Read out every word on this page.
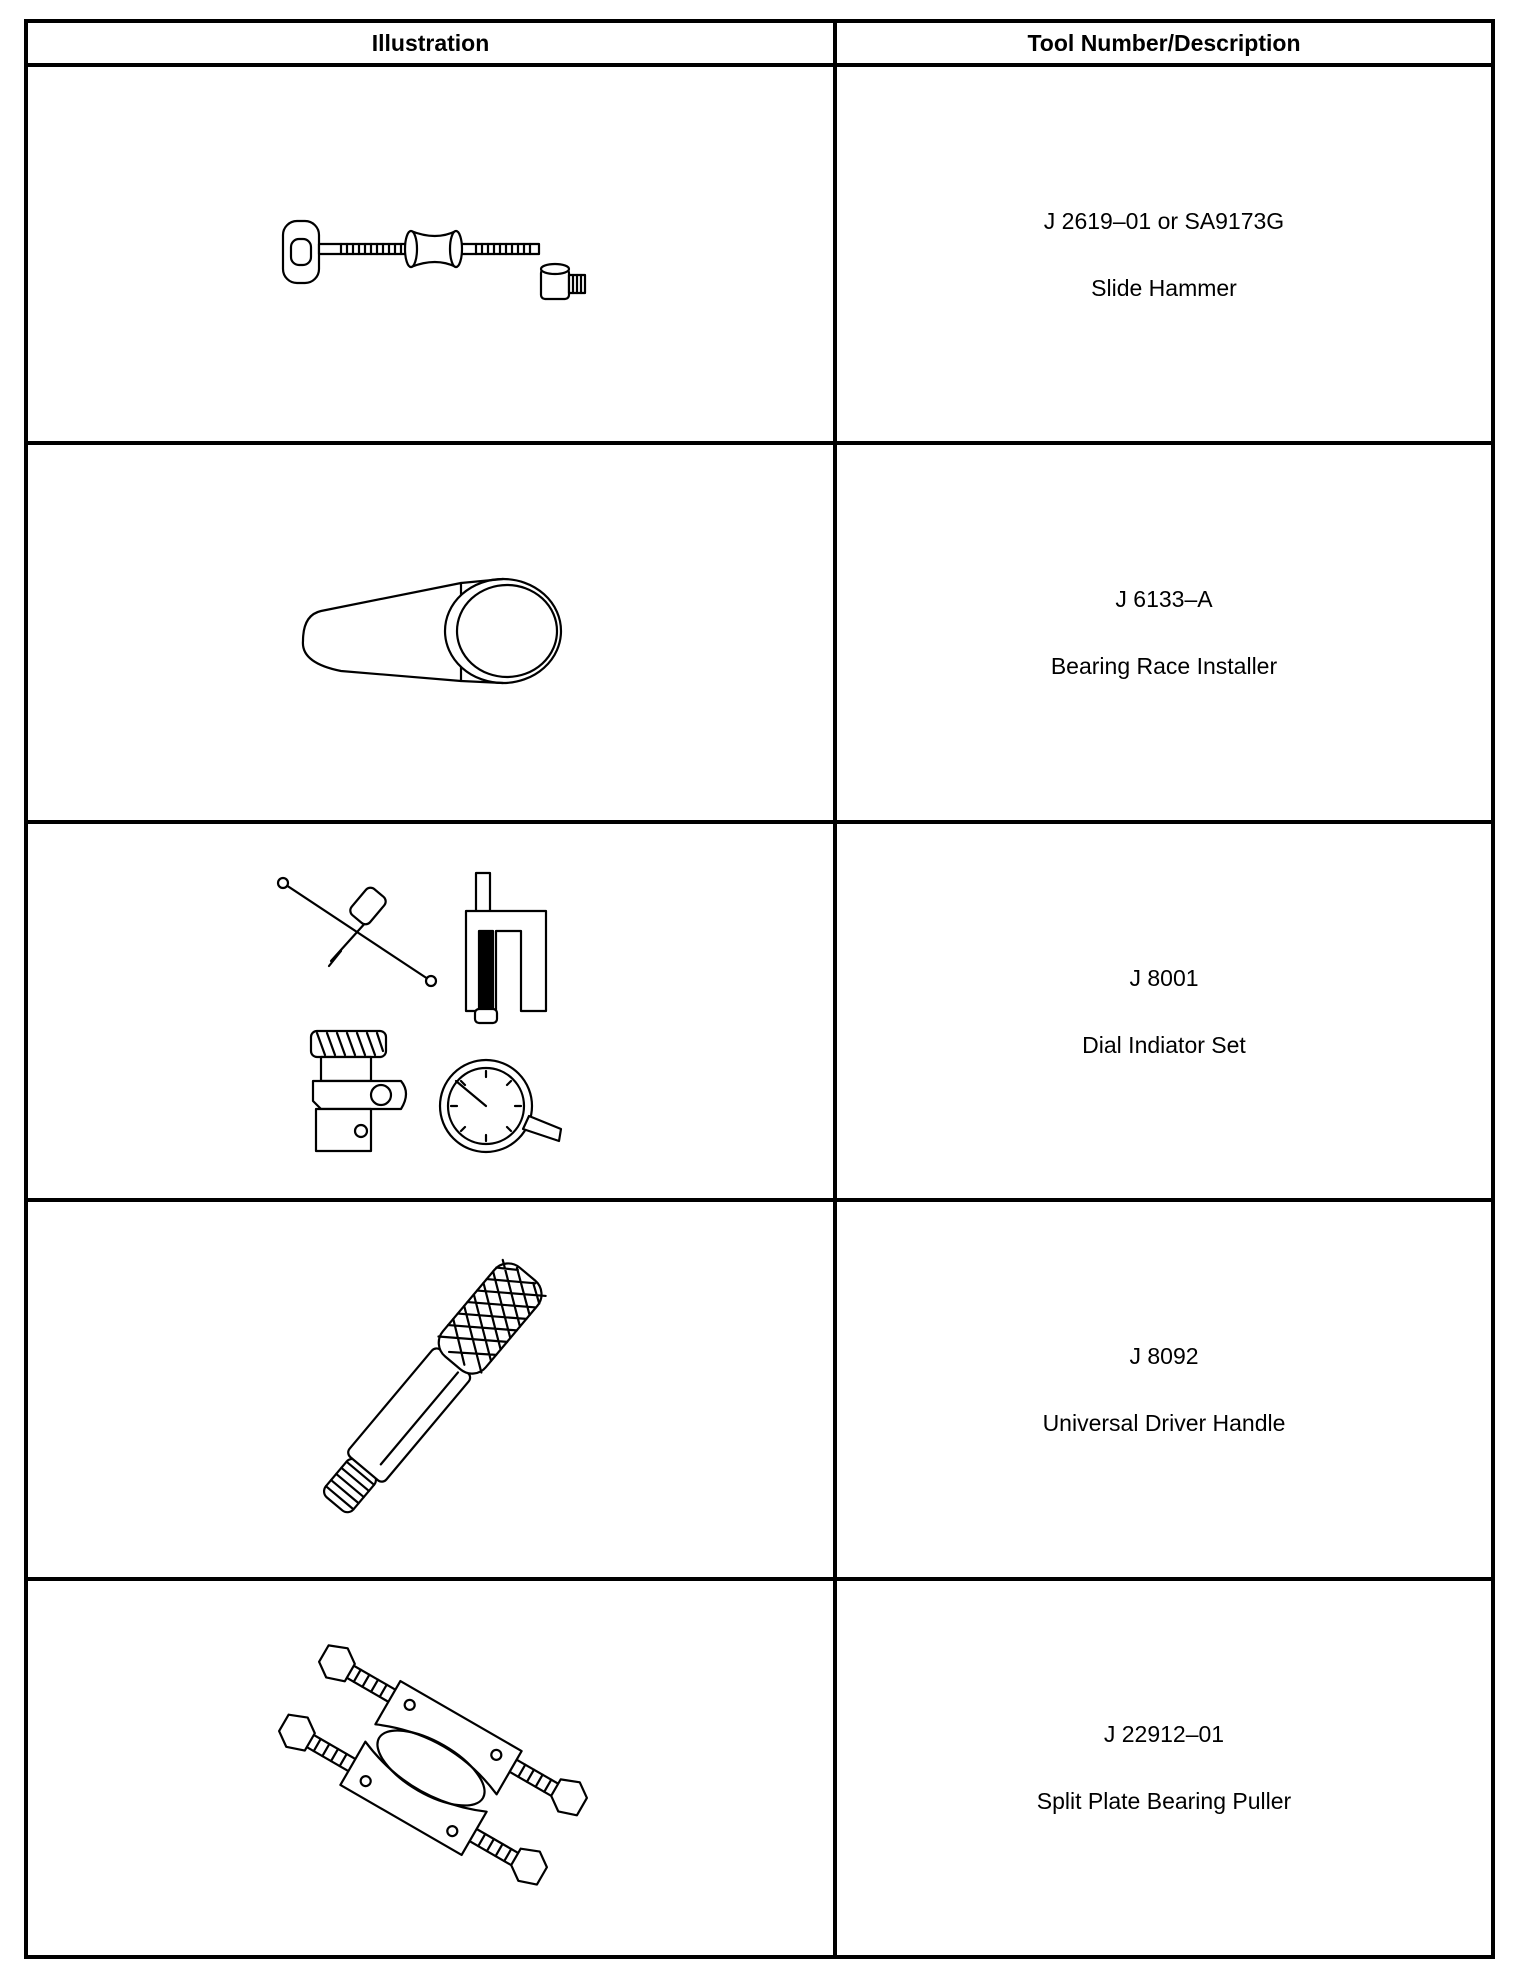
Illustration	Tool Number/Description
J 2619–01 or SA9173G
Slide Hammer
J 6133–A
Bearing Race Installer
J 8001
Dial Indiator Set
J 8092
Universal Driver Handle
J 22912–01
Split Plate Bearing Puller
